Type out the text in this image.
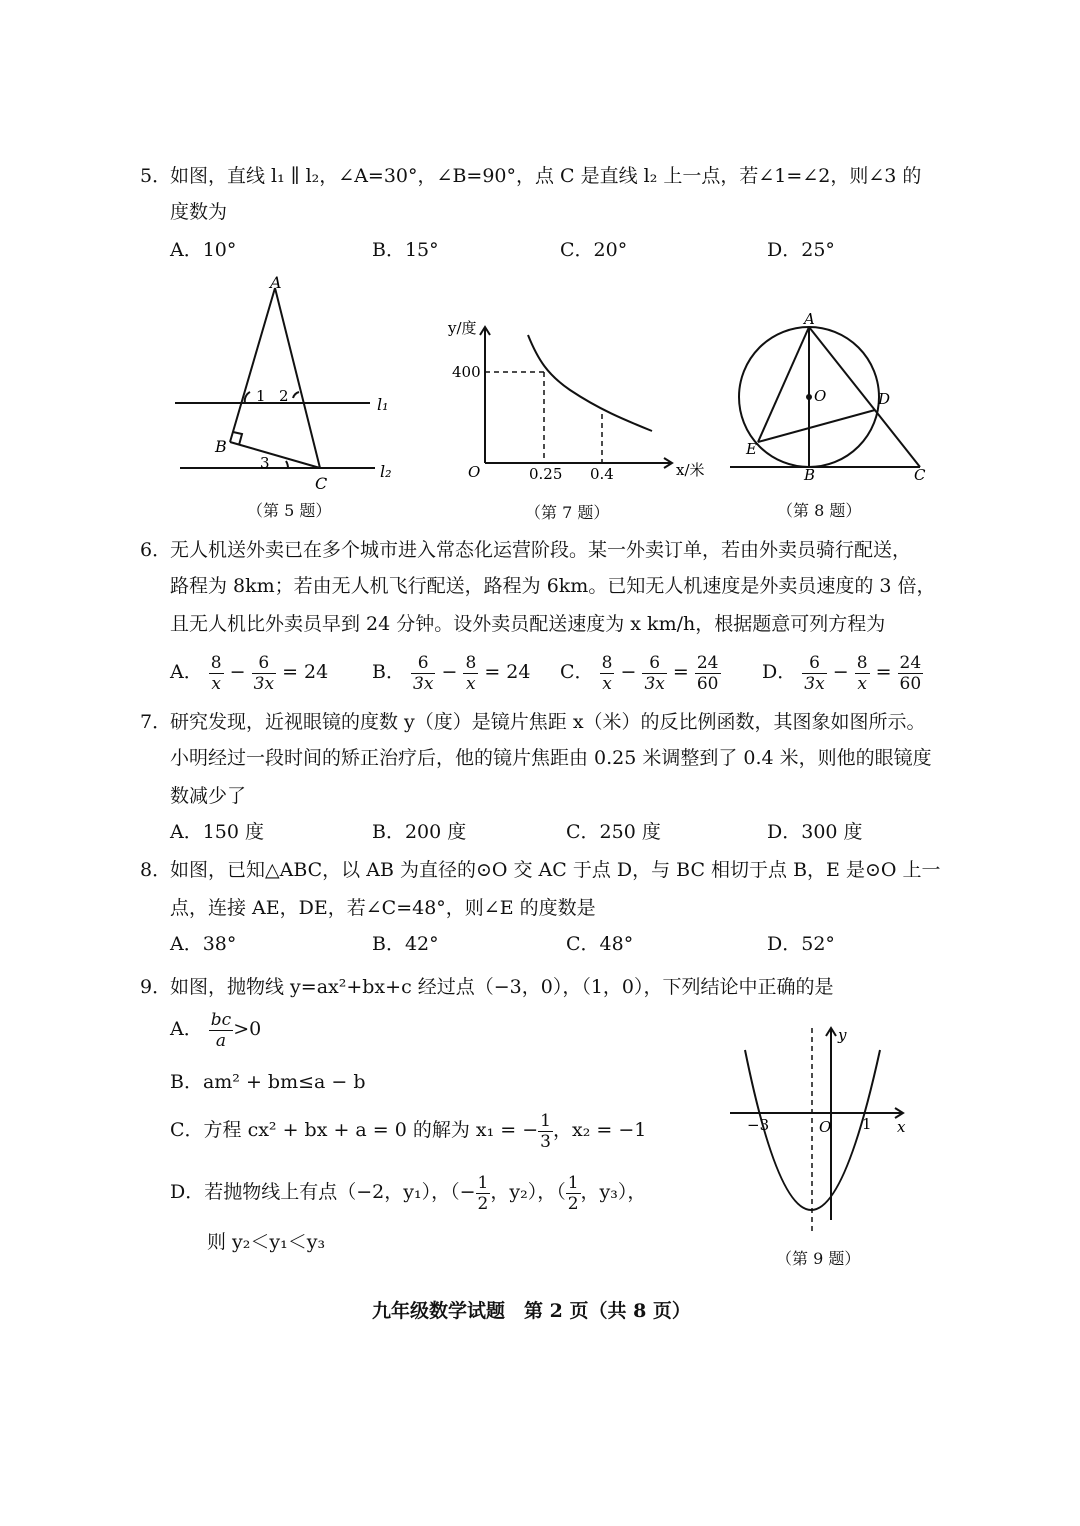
5．
如图，直线 l₁ ∥ l₂，∠A=30°，∠B=90°，点 C 是直线 l₂ 上一点，若∠1=∠2，则∠3 的
度数为
A．10°	B．15°	C．20°	D．25°
A
1 2	l₁
B
3
C
l₂
（第 5 题）
y/度
400
O	0.25 0.4	x/米
（第 7 题）
A
O	D
E
B	C
（第 8 题）
6．
无人机送外卖已在多个城市进入常态化运营阶段。某一外卖订单，若由外卖员骑行配送，
路程为 8km；若由无人机飞行配送，路程为 6km。已知无人机速度是外卖员速度的 3 倍，
且无人机比外卖员早到 24 分钟。设外卖员配送速度为 x km/h，根据题意可列方程为
A． $\frac{8}{x} - \frac{6}{3x} = 24$ B． $\frac{6}{3x} - \frac{8}{x} = 24$ C． $\frac{8}{x} - \frac{6}{3x} = \frac{24}{60}$ D． $\frac{6}{3x} - \frac{8}{x} = \frac{24}{60}$
7．
研究发现，近视眼镜的度数 y（度）是镜片焦距 x（米）的反比例函数，其图象如图所示。
小明经过一段时间的矫正治疗后，他的镜片焦距由 0.25 米调整到了 0.4 米，则他的眼镜度
数减少了
A．150 度	B．200 度	C．250 度	D．300 度
8．
如图，已知△ABC，以 AB 为直径的⊙O 交 AC 于点 D，与 BC 相切于点 B，E 是⊙O 上一
点，连接 AE，DE，若∠C=48°，则∠E 的度数是
A．38°	B．42°	C．48°	D．52°
9．
如图，抛物线 y=ax²+bx+c 经过点（−3，0），（1，0），下列结论中正确的是
A． $\frac{bc}{a} >0$
B．am² + bm≤a − b
C．方程 cx² + bx + a = 0 的解为 x₁ = − $\frac{1}{3}$ ，x₂ = −1
D．若抛物线上有点（−2，y₁），（− $\frac{1}{2}$ ，y₂），（ $\frac{1}{2}$ ，y₃），
则 y₂＜y₁＜y₃
y
−3	O 1 x
（第 9 题）
九年级数学试题　第 2 页（共 8 页）
